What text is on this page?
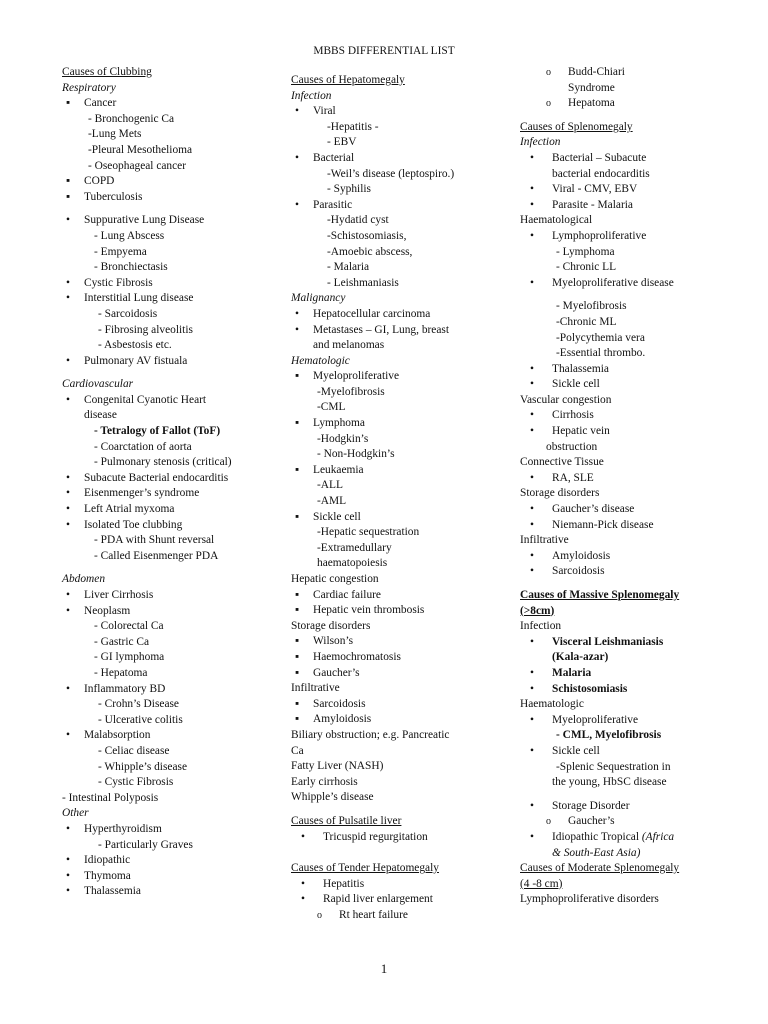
MBBS DIFFERENTIAL LIST
Causes of Clubbing
Respiratory
▪ Cancer
- Bronchogenic Ca
-Lung Mets
-Pleural Mesothelioma
- Oseophageal cancer
▪ COPD
▪ Tuberculosis
• Suppurative Lung Disease
- Lung Abscess
- Empyema
- Bronchiectasis
• Cystic Fibrosis
• Interstitial Lung disease
- Sarcoidosis
- Fibrosing alveolitis
- Asbestosis etc.
• Pulmonary AV fistuala
Cardiovascular
• Congenital Cyanotic Heart
disease
- Tetralogy of Fallot (ToF)
- Coarctation of aorta
- Pulmonary stenosis (critical)
• Subacute Bacterial endocarditis
• Eisenmenger’s syndrome
• Left Atrial myxoma
• Isolated Toe clubbing
- PDA with Shunt reversal
- Called Eisenmenger PDA
Abdomen
• Liver Cirrhosis
• Neoplasm
- Colorectal Ca
- Gastric Ca
- GI lymphoma
- Hepatoma
• Inflammatory BD
- Crohn’s Disease
- Ulcerative colitis
• Malabsorption
- Celiac disease
- Whipple’s disease
- Cystic Fibrosis
- Intestinal Polyposis
Other
• Hyperthyroidism
- Particularly Graves
• Idiopathic
• Thymoma
• Thalassemia
Causes of Hepatomegaly
Infection
• Viral
-Hepatitis -
- EBV
• Bacterial
-Weil’s disease (leptospiro.)
- Syphilis
• Parasitic
-Hydatid cyst
-Schistosomiasis,
-Amoebic abscess,
- Malaria
- Leishmaniasis
Malignancy
• Hepatocellular carcinoma
• Metastases – GI, Lung, breast
and melanomas
Hematologic
▪ Myeloproliferative
-Myelofibrosis
-CML
▪ Lymphoma
-Hodgkin’s
- Non-Hodgkin’s
▪ Leukaemia
-ALL
-AML
▪ Sickle cell
-Hepatic sequestration
-Extramedullary
haematopoiesis
Hepatic congestion
▪ Cardiac failure
▪ Hepatic vein thrombosis
Storage disorders
▪ Wilson’s
▪ Haemochromatosis
▪ Gaucher’s
Infiltrative
▪ Sarcoidosis
▪ Amyloidosis
Biliary obstruction; e.g. Pancreatic
Ca
Fatty Liver (NASH)
Early cirrhosis
Whipple’s disease
Causes of Pulsatile liver
• Tricuspid regurgitation
Causes of Tender Hepatomegaly
• Hepatitis
• Rapid liver enlargement
o Rt heart failure
o Budd-Chiari
Syndrome
o Hepatoma
Causes of Splenomegaly
Infection
• Bacterial – Subacute
bacterial endocarditis
• Viral - CMV, EBV
• Parasite - Malaria
Haematological
• Lymphoproliferative
- Lymphoma
- Chronic LL
• Myeloproliferative disease
- Myelofibrosis
-Chronic ML
-Polycythemia vera
-Essential thrombo.
• Thalassemia
• Sickle cell
Vascular congestion
• Cirrhosis
• Hepatic vein
obstruction
Connective Tissue
• RA, SLE
Storage disorders
• Gaucher’s disease
• Niemann-Pick disease
Infiltrative
• Amyloidosis
• Sarcoidosis
Causes of Massive Splenomegaly
(>8cm)
Infection
• Visceral Leishmaniasis
(Kala-azar)
• Malaria
• Schistosomiasis
Haematologic
• Myeloproliferative
- CML, Myelofibrosis
• Sickle cell
-Splenic Sequestration in
the young, HbSC disease
• Storage Disorder
o Gaucher’s
• Idiopathic Tropical (Africa
& South-East Asia)
Causes of Moderate Splenomegaly
(4 -8 cm)
Lymphoproliferative disorders
1
